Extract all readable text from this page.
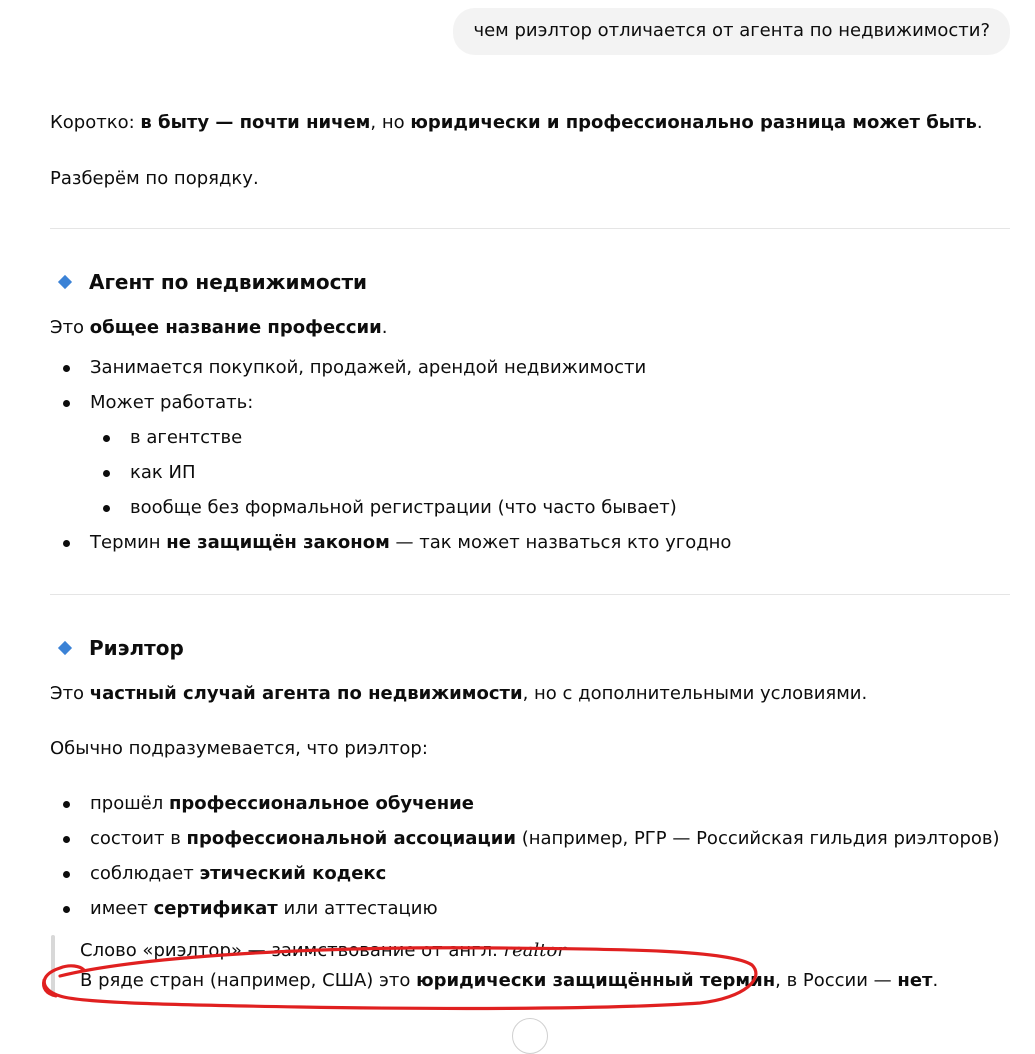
чем риэлтор отличается от агента по недвижимости?
Коротко: в быту — почти ничем, но юридически и профессионально разница может быть.
Разберём по порядку.
Агент по недвижимости
Это общее название профессии.
Занимается покупкой, продажей, арендой недвижимости
Может работать:
в агентстве
как ИП
вообще без формальной регистрации (что часто бывает)
Термин не защищён законом — так может назваться кто угодно
Риэлтор
Это частный случай агента по недвижимости, но с дополнительными условиями.
Обычно подразумевается, что риэлтор:
прошёл профессиональное обучение
состоит в профессиональной ассоциации (например, РГР — Российская гильдия риэлторов)
соблюдает этический кодекс
имеет сертификат или аттестацию
Слово «риэлтор» — заимствование от англ. realtor
В ряде стран (например, США) это юридически защищённый термин, в России — нет.
